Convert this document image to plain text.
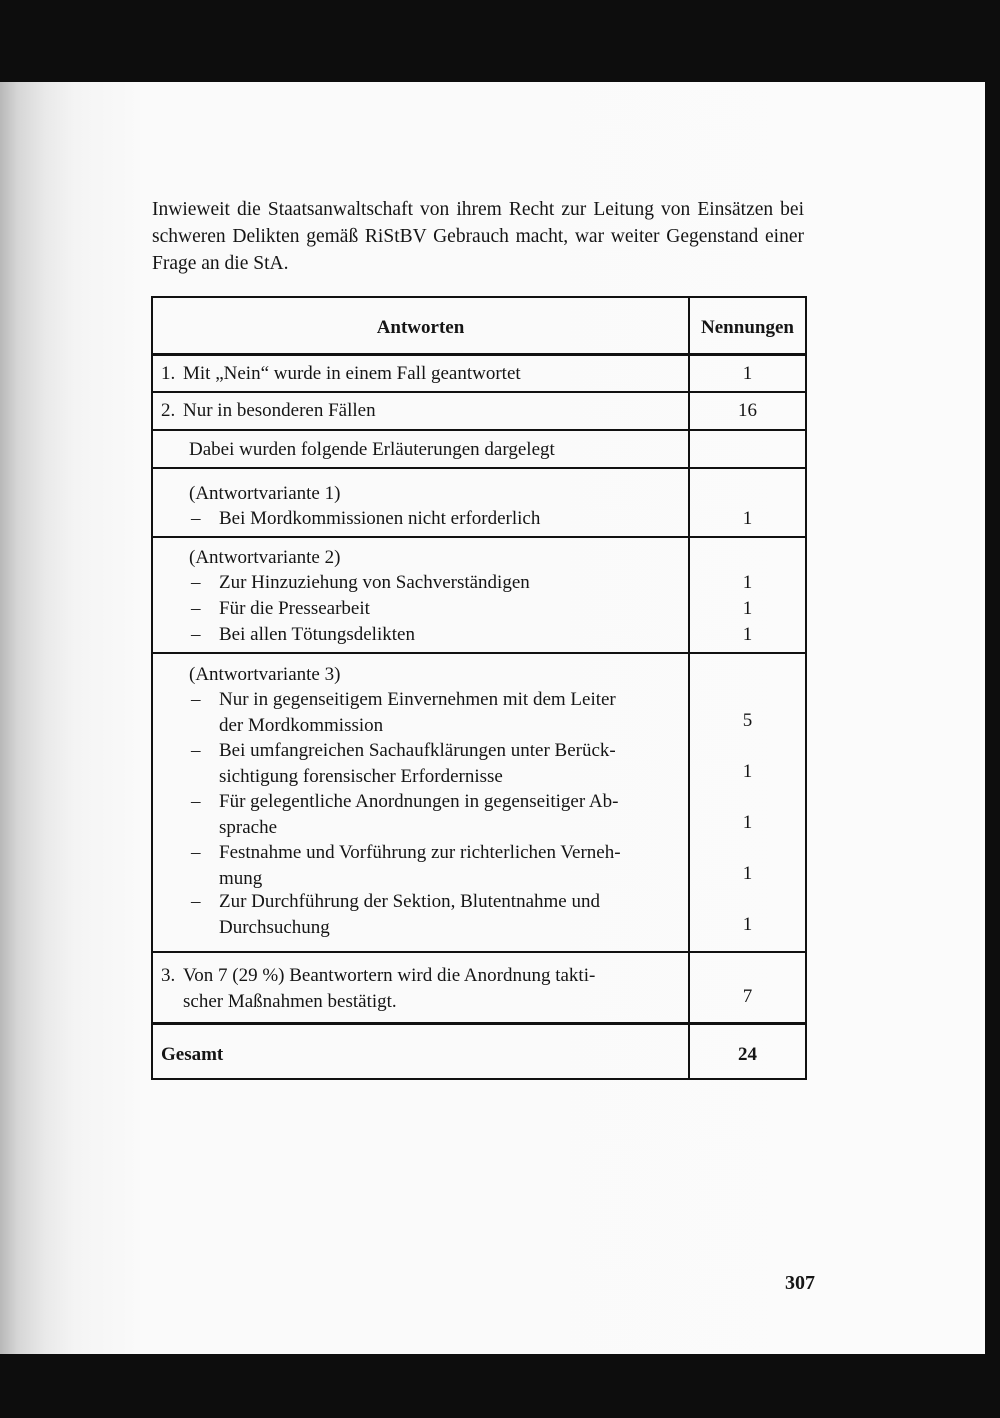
Inwieweit die Staatsanwaltschaft von ihrem Recht zur Leitung von Einsätzen bei schweren Delikten gemäß RiStBV Gebrauch macht, war weiter Gegenstand einer Frage an die StA.

Antworten	Nennungen
1. Mit „Nein“ wurde in einem Fall geantwortet	1
2. Nur in besonderen Fällen	16
Dabei wurden folgende Erläuterungen dargelegt
(Antwortvariante 1)
– Bei Mordkommissionen nicht erforderlich	1
(Antwortvariante 2)
– Zur Hinzuziehung von Sachverständigen	1
– Für die Pressearbeit	1
– Bei allen Tötungsdelikten	1
(Antwortvariante 3)
– Nur in gegenseitigem Einvernehmen mit dem Leiter
der Mordkommission	5
– Bei umfangreichen Sachaufklärungen unter Berück-
sichtigung forensischer Erfordernisse	1
– Für gelegentliche Anordnungen in gegenseitiger Ab-
sprache	1
– Festnahme und Vorführung zur richterlichen Verneh-
mung	1
– Zur Durchführung der Sektion, Blutentnahme und
Durchsuchung	1
3. Von 7 (29 %) Beantwortern wird die Anordnung takti-
scher Maßnahmen bestätigt.	7
Gesamt	24
307
